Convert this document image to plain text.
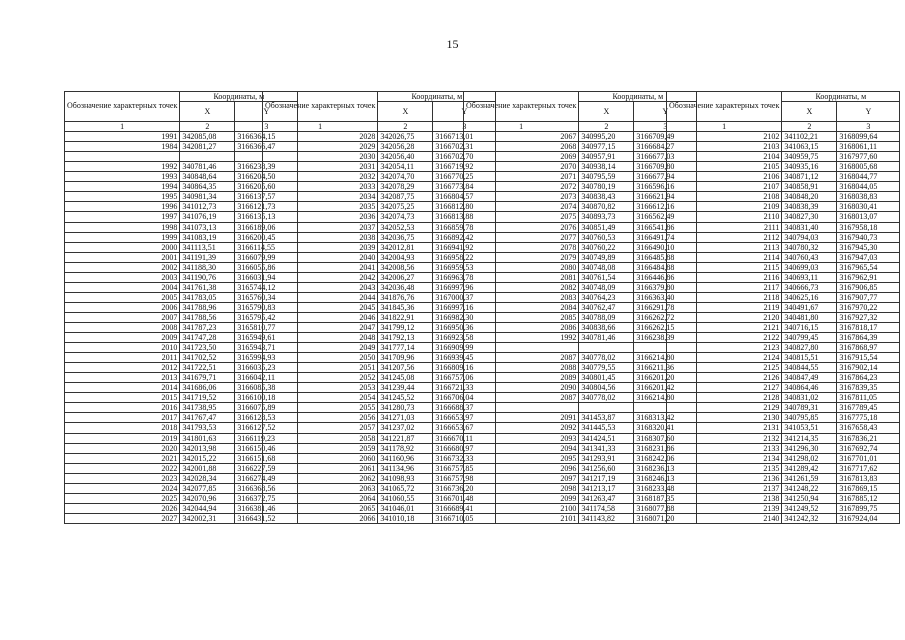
15
Обозначение характерных точек	Координаты, м	
	X	Y
1	2	3
1991	342085,08	3166364,15
1984	342081,27	3166366,47

1992	340781,46	3166238,39
1993	340848,64	3166204,50
1994	340864,35	3166205,60
1995	340981,34	3166137,57
1996	341012,73	3166121,73
1997	341076,19	3166135,13
1998	341073,13	3166189,06
1999	341083,19	3166200,45
2000	341113,51	3166114,55
2001	341191,39	3166079,99
2002	341188,30	3166055,86
2003	341190,76	3166031,94
2004	341761,38	3165744,12
2005	341783,05	3165760,34
2006	341788,96	3165790,83
2007	341788,56	3165795,42
2008	341787,23	3165810,77
2009	341747,28	3165949,61
2010	341723,50	3165943,71
2011	341702,52	3165994,93
2012	341722,51	3166035,23
2013	341679,71	3166042,11
2014	341686,06	3166085,38
2015	341719,52	3166100,18
2016	341738,95	3166075,89
2017	341767,47	3166128,53
2018	341793,53	3166127,52
2019	341801,63	3166119,23
2020	342013,98	3166150,46
2021	342015,22	3166151,68
2022	342001,88	3166227,59
2023	342028,34	3166274,49
2024	342077,85	3166368,56
2025	342070,96	3166372,75
2026	342044,94	3166381,46
2027	342002,31	3166431,52
Обозначение характерных точек	Координаты, м	
	X	Y
1	2	3
2028	342026,75	3166713,01
2029	342056,28	3166702,31
2030	342056,40	3166702,70
2031	342054,11	3166719,92
2032	342074,70	3166770,25
2033	342078,29	3166773,84
2034	342087,75	3166804,57
2035	342075,25	3166812,80
2036	342074,73	3166813,88
2037	342052,53	3166859,78
2038	342036,75	3166892,42
2039	342012,81	3166941,92
2040	342004,93	3166958,22
2041	342008,56	3166959,53
2042	342006,27	3166963,78
2043	342036,48	3166997,96
2044	341876,76	3167000,37
2045	341845,36	3166997,16
2046	341822,91	3166982,30
2047	341799,12	3166950,36
2048	341792,13	3166923,58
2049	341777,14	3166909,99
2050	341709,96	3166939,45
2051	341207,56	3166809,16
2052	341245,08	3166757,06
2053	341239,44	3166721,33
2054	341245,52	3166706,04
2055	341280,73	3166688,37
2056	341271,03	3166653,97
2057	341237,02	3166653,67
2058	341221,87	3166670,11
2059	341178,92	3166680,97
2060	341160,96	3166732,33
2061	341134,96	3166757,85
2062	341098,93	3166757,98
2063	341065,72	3166736,20
2064	341060,55	3166701,48
2065	341046,01	3166689,41
2066	341010,18	3166710,05
Обозначение характерных точек	Координаты, м	
	X	Y
1	2	3
2067	340995,20	3166709,49
2068	340977,15	3166684,27
2069	340957,91	3166677,03
2070	340938,14	3166709,80
2071	340795,59	3166677,94
2072	340780,19	3166596,16
2073	340838,43	3166621,94
2074	340870,82	3166612,16
2075	340893,73	3166562,49
2076	340851,49	3166541,86
2077	340760,53	3166491,74
2078	340760,22	3166490,10
2079	340749,89	3166485,88
2080	340748,08	3166484,88
2081	340761,54	3166446,86
2082	340748,09	3166379,80
2083	340764,23	3166363,40
2084	340762,47	3166291,78
2085	340788,09	3166262,72
2086	340838,66	3166262,15
1992	340781,46	3166238,39

2087	340778,02	3166214,80
2088	340779,55	3166211,36
2089	340801,45	3166201,20
2090	340804,56	3166201,42
2087	340778,02	3166214,80

2091	341453,87	3168313,42
2092	341445,53	3168320,41
2093	341424,51	3168307,60
2094	341341,33	3168231,86
2095	341293,91	3168242,06
2096	341256,60	3168236,13
2097	341217,19	3168246,13
2098	341213,17	3168233,48
2099	341263,47	3168187,35
2100	341174,58	3168077,88
2101	341143,82	3168071,20
Обозначение характерных точек	Координаты, м	
	X	Y
1	2	3
2102	341102,21	3168099,64
2103	341063,15	3168061,11
2104	340959,75	3167977,60
2105	340935,16	3168005,68
2106	340871,12	3168044,77
2107	340858,91	3168044,05
2108	340848,20	3168038,83
2109	340838,39	3168030,41
2110	340827,30	3168013,07
2111	340831,40	3167958,18
2112	340794,03	3167940,73
2113	340780,32	3167945,30
2114	340760,43	3167947,03
2115	340699,03	3167965,54
2116	340693,11	3167962,91
2117	340666,73	3167906,85
2118	340625,16	3167907,77
2119	340491,67	3167970,22
2120	340481,80	3167927,32
2121	340716,15	3167818,17
2122	340799,45	3167864,39
2123	340827,80	3167868,97
2124	340815,51	3167915,54
2125	340844,55	3167902,14
2126	340847,49	3167864,23
2127	340864,46	3167839,35
2128	340831,02	3167811,05
2129	340789,31	3167789,45
2130	340795,85	3167775,18
2131	341053,51	3167658,43
2132	341214,35	3167836,21
2133	341296,30	3167692,74
2134	341298,02	3167701,01
2135	341289,42	3167717,62
2136	341261,59	3167813,83
2137	341248,22	3167869,15
2138	341250,94	3167885,12
2139	341249,52	3167899,75
2140	341242,32	3167924,04
